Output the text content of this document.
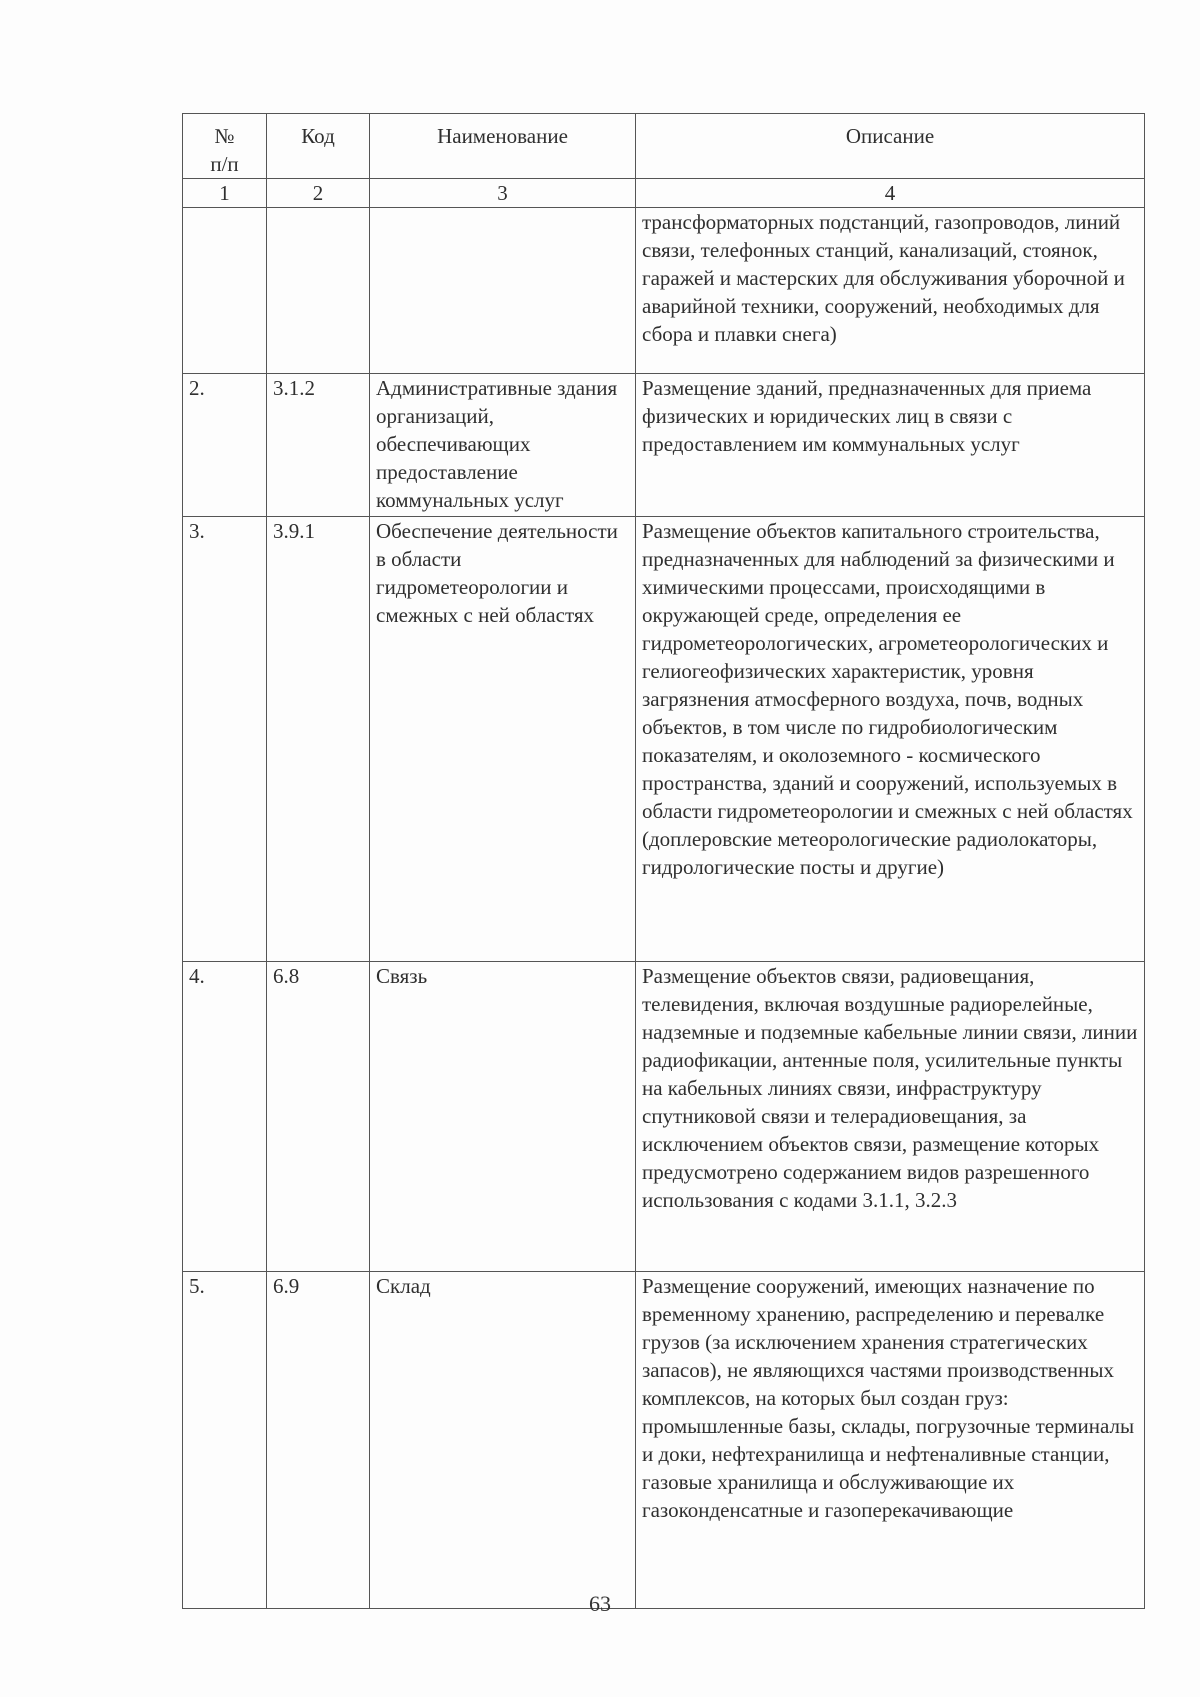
№
п/п	Код	Наименование	Описание
1	2	3	4
			трансформаторных подстанций, газопроводов, линий связи, телефонных станций, канализаций, стоянок, гаражей и мастерских для обслуживания уборочной и аварийной техники, сооружений, необходимых для сбора и плавки снега)
2.	3.1.2	Административные здания организаций, обеспечивающих предоставление коммунальных услуг	Размещение зданий, предназначенных для приема физических и юридических лиц в связи с предоставлением им коммунальных услуг
3.	3.9.1	Обеспечение деятельности в области гидрометеорологии и смежных с ней областях	Размещение объектов капитального строительства, предназначенных для наблюдений за физическими и химическими процессами, происходящими в окружающей среде, определения ее гидрометеорологических, агрометеорологических и гелиогеофизических характеристик, уровня загрязнения атмосферного воздуха, почв, водных объектов, в том числе по гидробиологическим показателям, и околоземного - космического пространства, зданий и сооружений, используемых в области гидрометеорологии и смежных с ней областях (доплеровские метеорологические радиолокаторы, гидрологические посты и другие)
4.	6.8	Связь	Размещение объектов связи, радиовещания, телевидения, включая воздушные радиорелейные, надземные и подземные кабельные линии связи, линии радиофикации, антенные поля, усилительные пункты на кабельных линиях связи, инфраструктуру спутниковой связи и телерадиовещания, за исключением объектов связи, размещение которых предусмотрено содержанием видов разрешенного использования с кодами 3.1.1, 3.2.3
5.	6.9	Склад	Размещение сооружений, имеющих назначение по временному хранению, распределению и перевалке грузов (за исключением хранения стратегических запасов), не являющихся частями производственных комплексов, на которых был создан груз: промышленные базы, склады, погрузочные терминалы и доки, нефтехранилища и нефтеналивные станции, газовые хранилища и обслуживающие их газоконденсатные и газоперекачивающие
63
